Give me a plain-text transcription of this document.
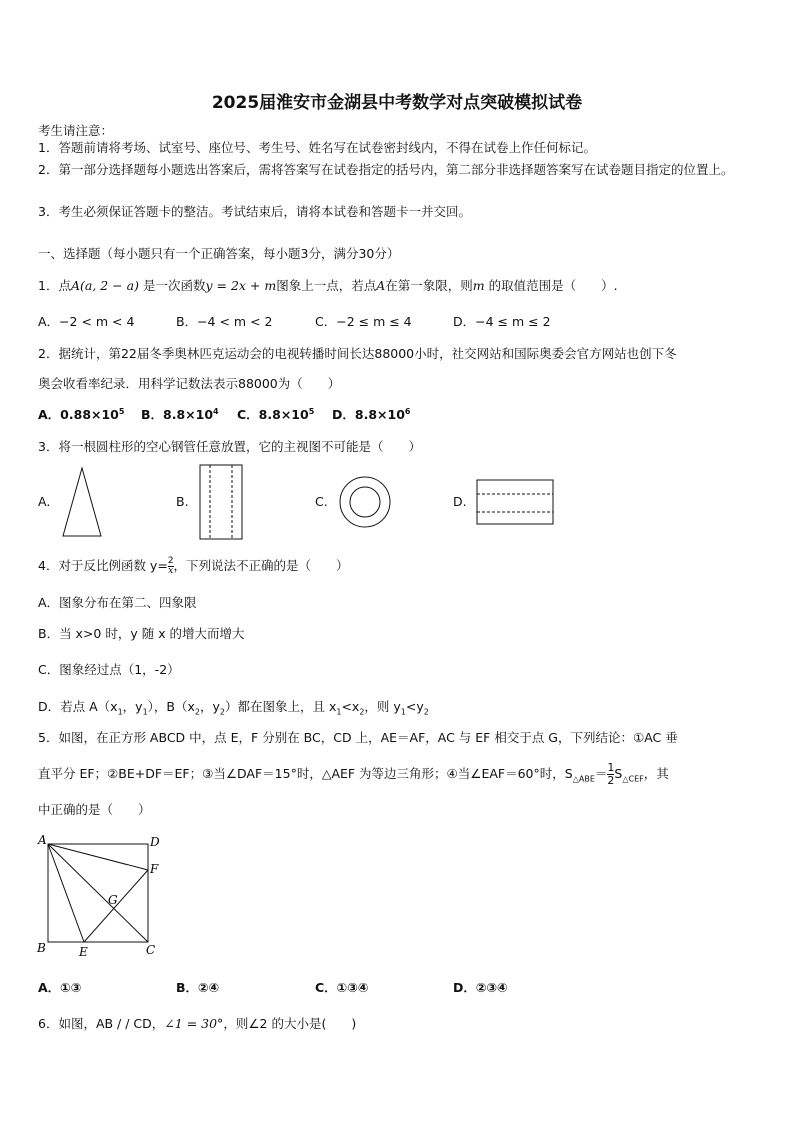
2025届淮安市金湖县中考数学对点突破模拟试卷
考生请注意：
1．答题前请将考场、试室号、座位号、考生号、姓名写在试卷密封线内，不得在试卷上作任何标记。
2．第一部分选择题每小题选出答案后，需将答案写在试卷指定的括号内，第二部分非选择题答案写在试卷题目指定的位置上。
3．考生必须保证答题卡的整洁。考试结束后，请将本试卷和答题卡一并交回。
一、选择题（每小题只有一个正确答案，每小题3分，满分30分）
1．点A(a, 2 − a) 是一次函数y = 2x + m图象上一点，若点A在第一象限，则m 的取值范围是（　　）.
A．−2 < m < 4	B．−4 < m < 2	C．−2 ≤ m ≤ 4	D．−4 ≤ m ≤ 2
2．据统计，第22届冬季奥林匹克运动会的电视转播时间长达88000小时，社交网站和国际奥委会官方网站也创下冬
奥会收看率纪录．用科学记数法表示88000为（　　）
A．$0.88\times 10^5$ B．$8.8\times 10^4$ C．$8.8\times 10^5$ D．$8.8\times 10^6$
3．将一根圆柱形的空心钢管任意放置，它的主视图不可能是（　　）
A.	B.	C.	D.
4．对于反比例函数 $y= \frac{2}{x}$ ，下列说法不正确的是（　　）
A．图象分布在第二、四象限
B．当 x>0 时，y 随 x 的增大而增大
C．图象经过点（1，-2）
D．若点 $A(x_1$，$y_1$），$B(x_2$，$y_2$）都在图象上，且 $x_1<x_2$，则 $y_1<y_2$
5．如图，在正方形 ABCD 中，点 E，F 分别在 BC，CD 上，AE＝AF，AC 与 EF 相交于点 G，下列结论：①AC 垂
直平分 EF；②BE+DF＝EF；③当∠DAF＝15°时，△AEF 为等边三角形；④当∠EAF＝60°时，$S_{\triangle ABE}= \frac{1}{2} S_{\triangle CEF}$，其
中正确的是（　　）
A	D
F
G
B	E	C
A．①③	B．②④	C．①③④	D．②③④
6．如图，AB / / CD，∠1 = 30°，则∠2 的大小是(　　)
